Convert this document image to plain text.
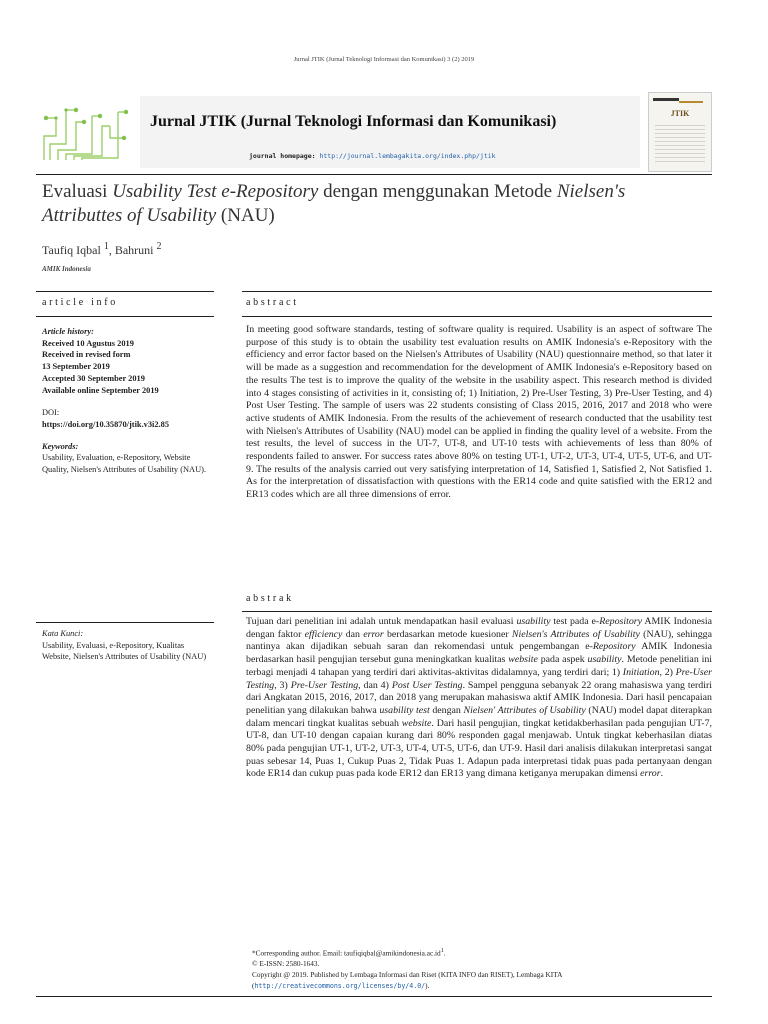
Jurnal JTIK (Jurnal Teknologi Informasi dan Komunikasi) 3 (2) 2019
Jurnal JTIK (Jurnal Teknologi Informasi dan Komunikasi)
journal homepage: http://journal.lembagakita.org/index.php/jtik
JTIK
Evaluasi Usability Test e-Repository dengan menggunakan Metode Nielsen's Attributtes of Usability (NAU)
Taufiq Iqbal $^1$, Bahruni $^2$
AMIK Indonesia
article info	abstract
Article history:
Received 10 Agustus 2019
Received in revised form
13 September 2019
Accepted 30 September 2019
Available online September 2019
DOI:
https://doi.org/10.35870/jtik.v3i2.85
Keywords:
Usability, Evaluation, e-Repository, Website Quality, Nielsen's Attributes of Usability (NAU).
In meeting good software standards, testing of software quality is required. Usability is an aspect of software The purpose of this study is to obtain the usability test evaluation results on AMIK Indonesia's e-Repository with the efficiency and error factor based on the Nielsen's Attributes of Usability (NAU) questionnaire method, so that later it will be made as a suggestion and recommendation for the development of AMIK Indonesia's e-Repository based on the results The test is to improve the quality of the website in the usability aspect. This research method is divided into 4 stages consisting of activities in it, consisting of; 1) Initiation, 2) Pre-User Testing, 3) Pre-User Testing, and 4) Post User Testing. The sample of users was 22 students consisting of Class 2015, 2016, 2017 and 2018 who were active students of AMIK Indonesia. From the results of the achievement of research conducted that the usability test with Nielsen's Attributes of Usability (NAU) model can be applied in finding the quality level of a website. From the test results, the level of success in the UT-7, UT-8, and UT-10 tests with achievements of less than 80% of respondents failed to answer. For success rates above 80% on testing UT-1, UT-2, UT-3, UT-4, UT-5, UT-6, and UT-9. The results of the analysis carried out very satisfying interpretation of 14, Satisfied 1, Satisfied 2, Not Satisfied 1. As for the interpretation of dissatisfaction with questions with the ER14 code and quite satisfied with the ER12 and ER13 codes which are all three dimensions of error.
abstrak
Kata Kunci:
Usability, Evaluasi, e-Repository, Kualitas Website, Nielsen's Attributes of Usability (NAU)
Tujuan dari penelitian ini adalah untuk mendapatkan hasil evaluasi usability test pada e-Repository AMIK Indonesia dengan faktor efficiency dan error berdasarkan metode kuesioner Nielsen's Attributes of Usability (NAU), sehingga nantinya akan dijadikan sebuah saran dan rekomendasi untuk pengembangan e-Repository AMIK Indonesia berdasarkan hasil pengujian tersebut guna meningkatkan kualitas website pada aspek usability. Metode penelitian ini terbagi menjadi 4 tahapan yang terdiri dari aktivitas-aktivitas didalamnya, yang terdiri dari; 1) Initiation, 2) Pre-User Testing, 3) Pre-User Testing, dan 4) Post User Testing. Sampel pengguna sebanyak 22 orang mahasiswa yang terdiri dari Angkatan 2015, 2016, 2017, dan 2018 yang merupakan mahasiswa aktif AMIK Indonesia. Dari hasil pencapaian penelitian yang dilakukan bahwa usability test dengan Nielsen' Attributes of Usability (NAU) model dapat diterapkan dalam mencari tingkat kualitas sebuah website. Dari hasil pengujian, tingkat ketidakberhasilan pada pengujian UT-7, UT-8, dan UT-10 dengan capaian kurang dari 80% responden gagal menjawab. Untuk tingkat keberhasilan diatas 80% pada pengujian UT-1, UT-2, UT-3, UT-4, UT-5, UT-6, dan UT-9. Hasil dari analisis dilakukan interpretasi sangat puas sebesar 14, Puas 1, Cukup Puas 2, Tidak Puas 1. Adapun pada interpretasi tidak puas pada pertanyaan dengan kode ER14 dan cukup puas pada kode ER12 dan ER13 yang dimana ketiganya merupakan dimensi error.
*Corresponding author. Email: $taufiqiqbal@amikindonesia.ac.id^1$.
© E-ISSN: 2580-1643.
Copyright @ 2019. Published by Lembaga Informasi dan Riset (KITA INFO dan RISET), Lembaga KITA
(http://creativecommons.org/licenses/by/4.0/).
